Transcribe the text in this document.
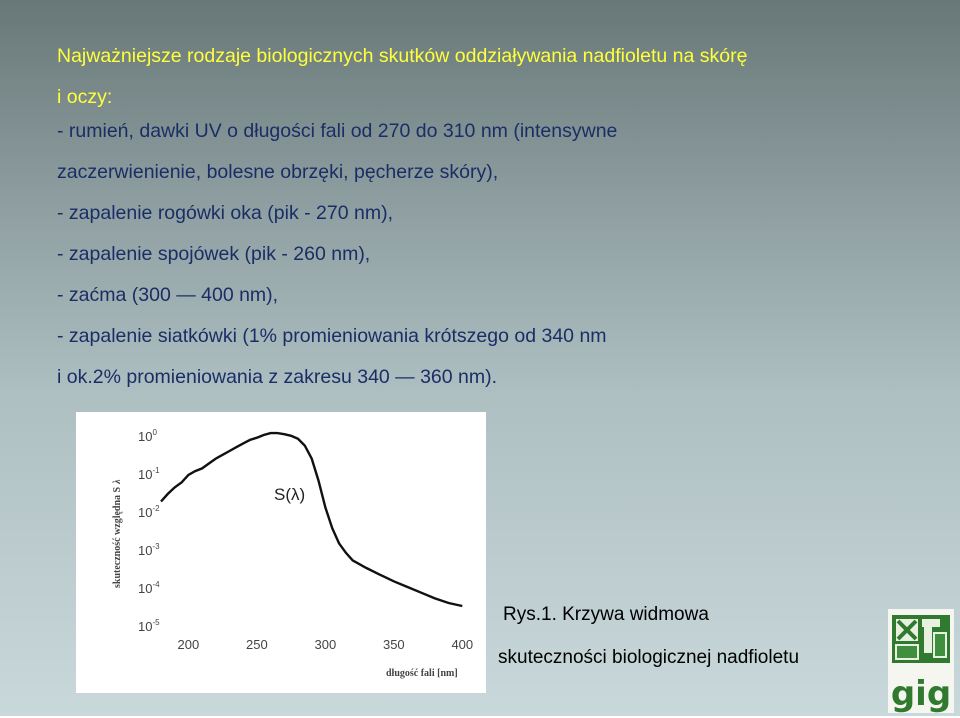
Najważniejsze rodzaje biologicznych skutków oddziaływania nadfioletu na skórę
i oczy:
- rumień, dawki UV o długości fali od 270 do 310 nm (intensywne
zaczerwienienie, bolesne obrzęki, pęcherze skóry),
- zapalenie rogówki oka (pik - 270 nm),
- zapalenie spojówek (pik - 260 nm),
- zaćma (300 — 400 nm),
- zapalenie siatkówki (1% promieniowania krótszego od 340 nm
i ok.2% promieniowania z zakresu 340 — 360 nm).
$10^0$
$10^{-1}$
$10^{-2}$
$10^{-3}$
$10^{-4}$
$10^{-5}$
200	250	300	350	400
S(λ)
skuteczność względna Sλ
długość fali [nm]
Rys.1. Krzywa widmowa
skuteczności biologicznej nadfioletu
gig
